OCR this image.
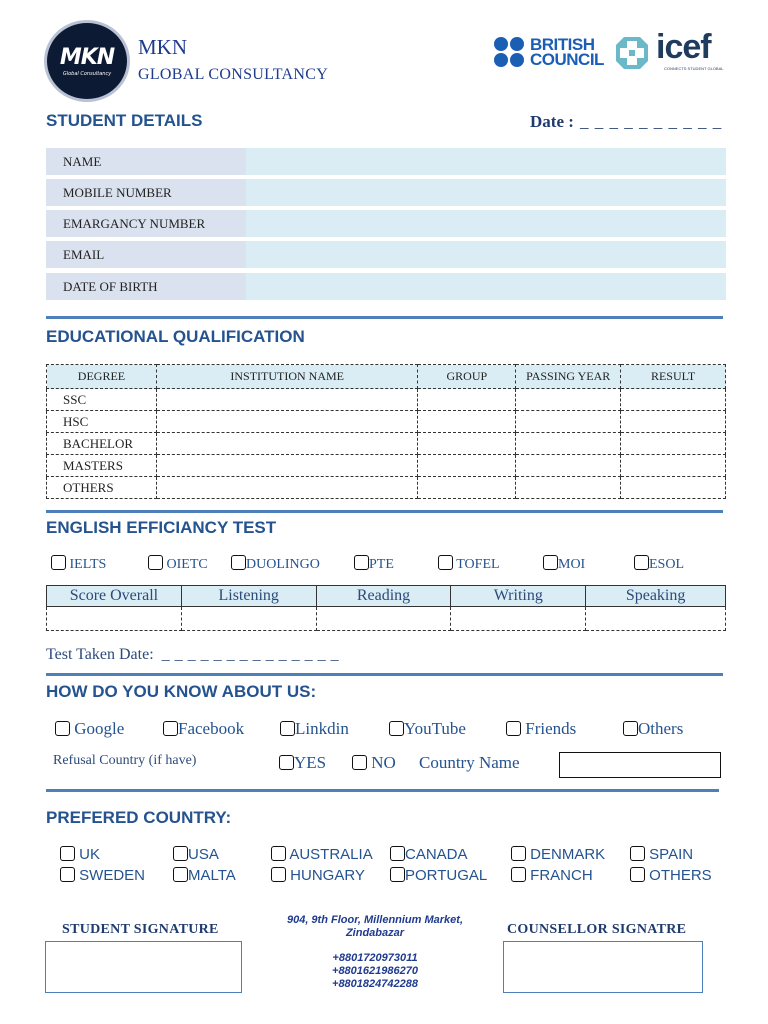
MKN
Global Consultancy
MKN
GLOBAL CONSULTANCY
BRITISH
COUNCIL icef
CONNECTS STUDENT GLOBAL
STUDENT DETAILS	Date : _ _ _ _ _ _ _ _ _ _
NAME
MOBILE NUMBER
EMARGANCY NUMBER
EMAIL
DATE OF BIRTH
EDUCATIONAL QUALIFICATION
DEGREE	INSTITUTION NAME	GROUP	PASSING YEAR	RESULT
SSC				
HSC				
BACHELOR				
MASTERS				
OTHERS				
ENGLISH EFFICIANCY TEST
IELTS	OIETC	DUOLINGO	PTE	TOFEL	MOI	ESOL
Score Overall	Listening	Reading	Writing	Speaking

Test Taken Date: _ _ _ _ _ _ _ _ _ _ _ _ _ _
HOW DO YOU KNOW ABOUT US:
Google	Facebook	Linkdin	YouTube	Friends	Others
Refusal Country (if have)	YES	NO Country Name
PREFERED COUNTRY:
UK	USA	AUSTRALIA	CANADA	DENMARK	SPAIN
SWEDEN	MALTA	HUNGARY	PORTUGAL	FRANCH	OTHERS
STUDENT SIGNATURE
904, 9th Floor, Millennium Market,
Zindabazar
+8801720973011
+8801621986270
+8801824742288
COUNSELLOR SIGNATRE
